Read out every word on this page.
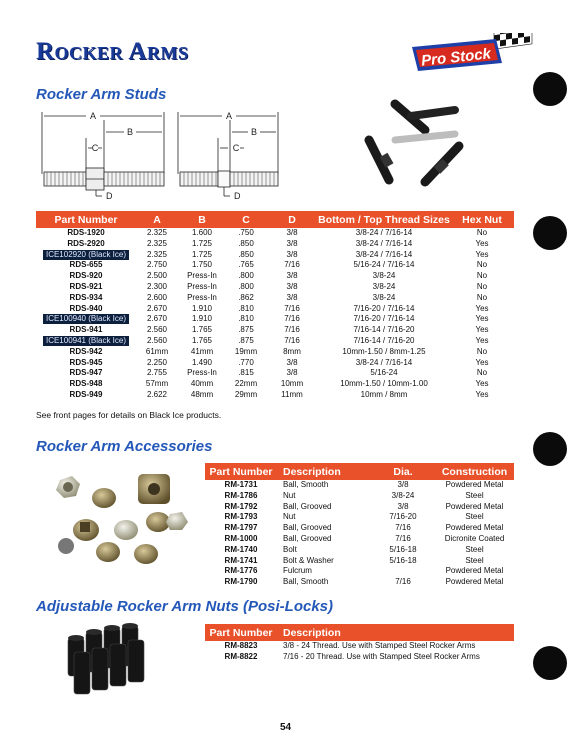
Rocker Arms	Pro Stock
Rocker Arm Studs
A
B
C
D
A
B
C
D
Part Number	A	B	C	D	Bottom / Top Thread Sizes	Hex Nut
RDS-1920	2.325	1.600	.750	3/8	3/8-24 / 7/16-14	No
RDS-2920	2.325	1.725	.850	3/8	3/8-24 / 7/16-14	Yes
ICE102920 (Black Ice)	2.325	1.725	.850	3/8	3/8-24 / 7/16-14	Yes
RDS-655	2.750	1.750	.765	7/16	5/16-24 / 7/16-14	No
RDS-920	2.500	Press-In	.800	3/8	3/8-24	No
RDS-921	2.300	Press-In	.800	3/8	3/8-24	No
RDS-934	2.600	Press-In	.862	3/8	3/8-24	No
RDS-940	2.670	1.910	.810	7/16	7/16-20 / 7/16-14	Yes
ICE100940 (Black Ice)	2.670	1.910	.810	7/16	7/16-20 / 7/16-14	Yes
RDS-941	2.560	1.765	.875	7/16	7/16-14 / 7/16-20	Yes
ICE100941 (Black Ice)	2.560	1.765	.875	7/16	7/16-14 / 7/16-20	Yes
RDS-942	61mm	41mm	19mm	8mm	10mm-1.50 / 8mm-1.25	No
RDS-945	2.250	1.490	.770	3/8	3/8-24 / 7/16-14	Yes
RDS-947	2.755	Press-In	.815	3/8	5/16-24	No
RDS-948	57mm	40mm	22mm	10mm	10mm-1.50 / 10mm-1.00	Yes
RDS-949	2.622	48mm	29mm	11mm	10mm / 8mm	Yes
See front pages for details on Black Ice products.
Rocker Arm Accessories
Part Number	Description	Dia.	Construction
RM-1731	Ball, Smooth	3/8	Powdered Metal
RM-1786	Nut	3/8-24	Steel
RM-1792	Ball, Grooved	3/8	Powdered Metal
RM-1793	Nut	7/16-20	Steel
RM-1797	Ball, Grooved	7/16	Powdered Metal
RM-1000	Ball, Grooved	7/16	Dicronite Coated
RM-1740	Bolt	5/16-18	Steel
RM-1741	Bolt & Washer	5/16-18	Steel
RM-1776	Fulcrum		Powdered Metal
RM-1790	Ball, Smooth	7/16	Powdered Metal
Adjustable Rocker Arm Nuts (Posi-Locks)
Part Number	Description
RM-8823	3/8 - 24 Thread. Use with Stamped Steel Rocker Arms
RM-8822	7/16 - 20 Thread. Use with Stamped Steel Rocker Arms
54
